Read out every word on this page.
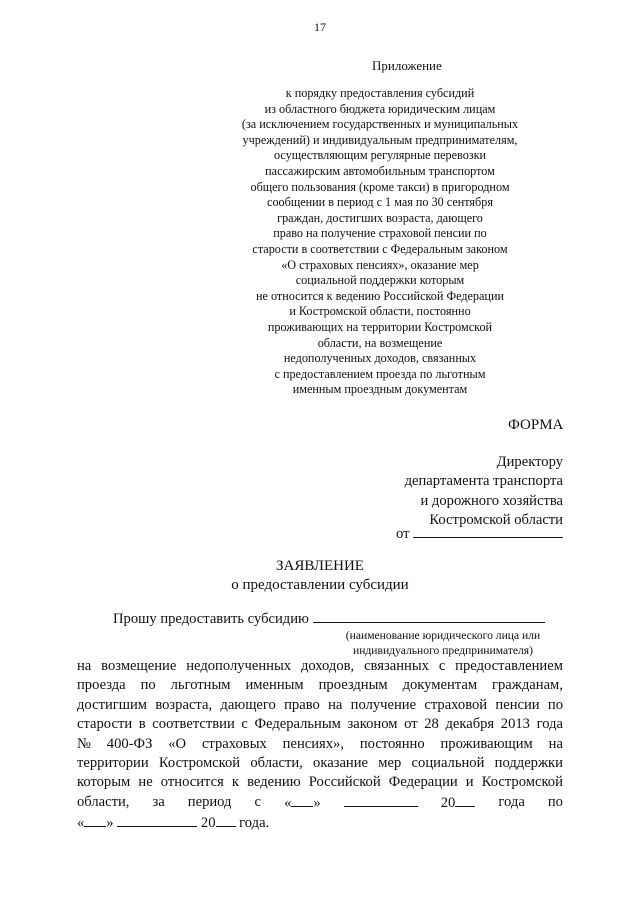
17
Приложение
к порядку предоставления субсидий
из областного бюджета юридическим лицам
(за исключением государственных и муниципальных
учреждений) и индивидуальным предпринимателям,
осуществляющим регулярные перевозки
пассажирским автомобильным транспортом
общего пользования (кроме такси) в пригородном
сообщении в период с 1 мая по 30 сентября
граждан, достигших возраста, дающего
право на получение страховой пенсии по
старости в соответствии с Федеральным законом
«О страховых пенсиях», оказание мер
социальной поддержки которым
не относится к ведению Российской Федерации
и Костромской области, постоянно
проживающих на территории Костромской
области, на возмещение
недополученных доходов, связанных
с предоставлением проезда по льготным
именным проездным документам
ФОРМА
Директору
департамента транспорта
и дорожного хозяйства
Костромской области
от
ЗАЯВЛЕНИЕ
о предоставлении субсидии
Прошу предоставить субсидию
(наименование юридического лица или
индивидуального предпринимателя)
на возмещение недополученных доходов, связанных с предоставлением
проезда по льготным именным проездным документам гражданам,
достигшим возраста, дающего право на получение страховой пенсии по
старости в соответствии с Федеральным законом от 28 декабря 2013 года
№ 400-ФЗ «О страховых пенсиях», постоянно проживающим на
территории Костромской области, оказание мер социальной поддержки
которым не относится к ведению Российской Федерации и Костромской
области, за период с « »	20	года по
« »	20 года.
